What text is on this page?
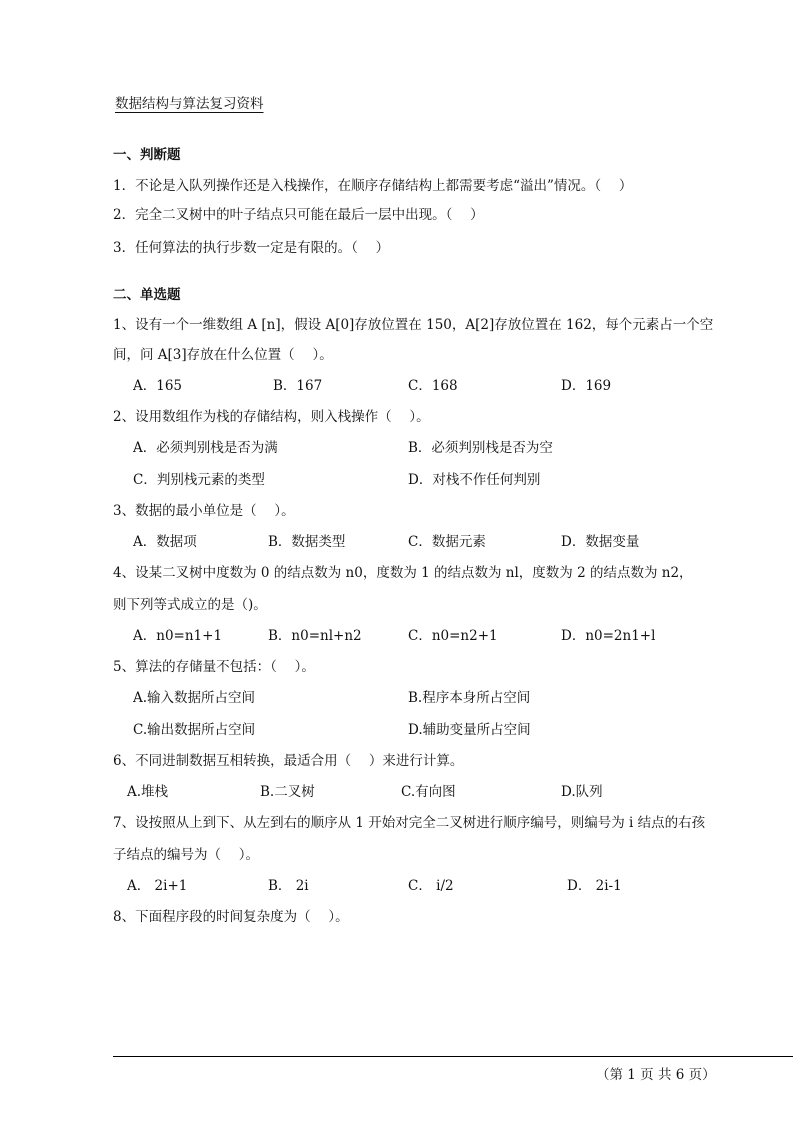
数据结构与算法复习资料
一、判断题
1．不论是入队列操作还是入栈操作，在顺序存储结构上都需要考虑“溢出”情况。（　 ）
2．完全二叉树中的叶子结点只可能在最后一层中出现。（　 ）
3．任何算法的执行步数一定是有限的。（　 ）
二、单选题
1、设有一个一维数组 A [n]，假设 A[0]存放位置在 150，A[2]存放位置在 162，每个元素占一个空
间，问 A[3]存放在什么位置（　 ）。
A．165	B．167	C．168	D．169
2、设用数组作为栈的存储结构，则入栈操作（　 ）。
A．必须判别栈是否为满	B．必须判别栈是否为空
C．判别栈元素的类型	D．对栈不作任何判别
3、数据的最小单位是（　 ）。
A．数据项	B．数据类型	C．数据元素	D．数据变量
4、设某二叉树中度数为 0 的结点数为 n0，度数为 1 的结点数为 nl，度数为 2 的结点数为 n2，
则下列等式成立的是（)。
A．n0=n1+1	B．n0=nl+n2	C．n0=n2+1	D．n0=2n1+l
5、算法的存储量不包括：（　 ）。
A.输入数据所占空间	B.程序本身所占空间
C.输出数据所占空间	D.辅助变量所占空间
6、不同进制数据互相转换，最适合用（　 ）来进行计算。
A.堆栈	B.二叉树	C.有向图	D.队列
7、设按照从上到下、从左到右的顺序从 1 开始对完全二叉树进行顺序编号，则编号为 i 结点的右孩
子结点的编号为（　 ）。
A． 2i+1	B． 2i	C． i/2	D． 2i-1
8、下面程序段的时间复杂度为（　 ）。
（第 1 页 共 6 页）
